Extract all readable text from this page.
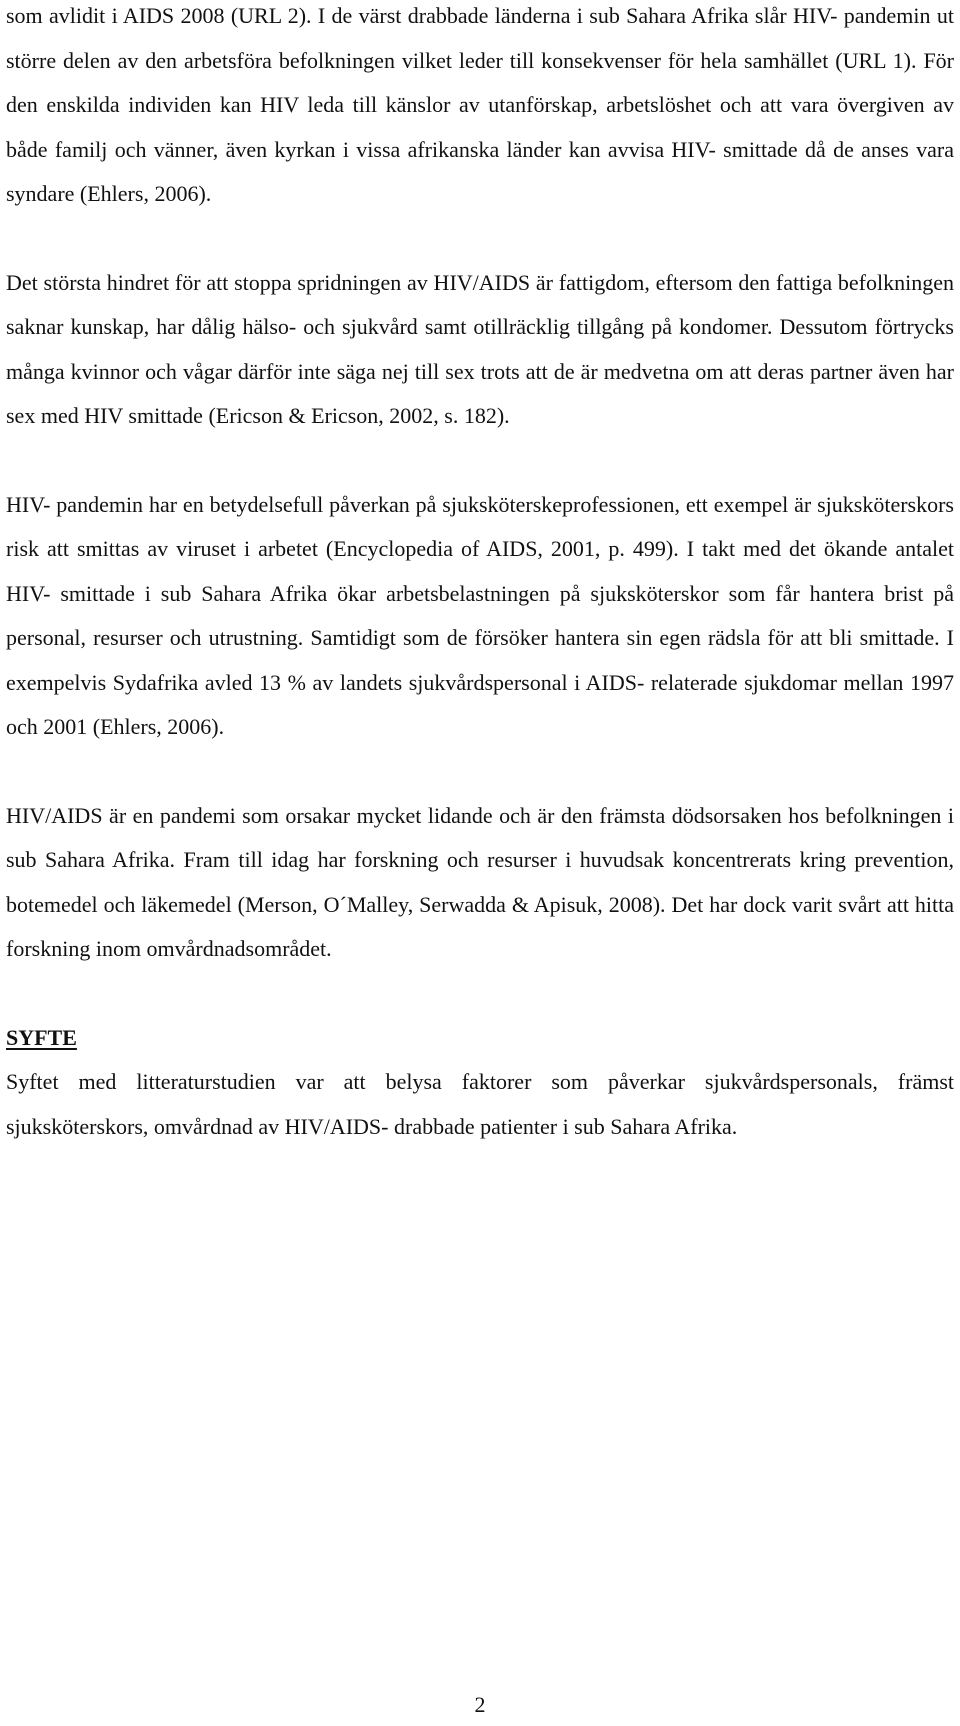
som avlidit i AIDS 2008 (URL 2). I de värst drabbade länderna i sub Sahara Afrika slår HIV- pandemin ut större delen av den arbetsföra befolkningen vilket leder till konsekvenser för hela samhället (URL 1). För den enskilda individen kan HIV leda till känslor av utanförskap, arbetslöshet och att vara övergiven av både familj och vänner, även kyrkan i vissa afrikanska länder kan avvisa HIV- smittade då de anses vara syndare (Ehlers, 2006).

Det största hindret för att stoppa spridningen av HIV/AIDS är fattigdom, eftersom den fattiga befolkningen saknar kunskap, har dålig hälso- och sjukvård samt otillräcklig tillgång på kondomer. Dessutom förtrycks många kvinnor och vågar därför inte säga nej till sex trots att de är medvetna om att deras partner även har sex med HIV smittade (Ericson & Ericson, 2002, s. 182).

HIV- pandemin har en betydelsefull påverkan på sjuksköterskeprofessionen, ett exempel är sjuksköterskors risk att smittas av viruset i arbetet (Encyclopedia of AIDS, 2001, p. 499). I takt med det ökande antalet HIV- smittade i sub Sahara Afrika ökar arbetsbelastningen på sjuksköterskor som får hantera brist på personal, resurser och utrustning. Samtidigt som de försöker hantera sin egen rädsla för att bli smittade. I exempelvis Sydafrika avled 13 % av landets sjukvårdspersonal i AIDS- relaterade sjukdomar mellan 1997 och 2001 (Ehlers, 2006).

HIV/AIDS är en pandemi som orsakar mycket lidande och är den främsta dödsorsaken hos befolkningen i sub Sahara Afrika. Fram till idag har forskning och resurser i huvudsak koncentrerats kring prevention, botemedel och läkemedel (Merson, O´Malley, Serwadda & Apisuk, 2008). Det har dock varit svårt att hitta forskning inom omvårdnadsområdet.

SYFTE

Syftet med litteraturstudien var att belysa faktorer som påverkar sjukvårdspersonals, främst sjuksköterskors, omvårdnad av HIV/AIDS- drabbade patienter i sub Sahara Afrika.

2
